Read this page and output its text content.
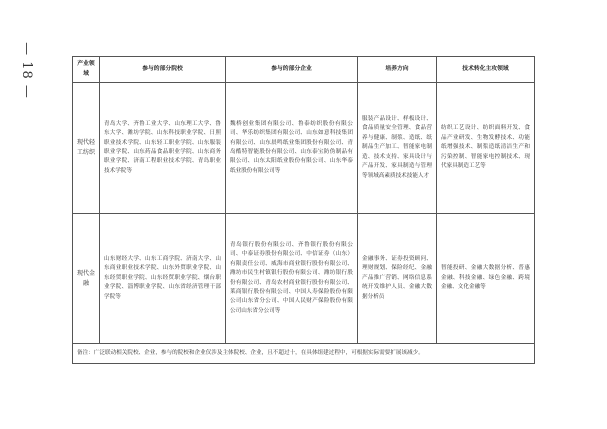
— 18 —	产业领域	参与的部分院校	参与的部分企业	培养方向	技术转化主攻领域
现代轻工纺织	青岛大学、齐鲁工业大学、山东理工大学、鲁东大学、潍坊学院、山东科技职业学院、日照职业技术学院、山东轻工职业学院、山东服装职业学院、山东药品食品职业学院、山东商务职业学院、济南工程职业技术学院、青岛职业技术学院等	魏桥创业集团有限公司、鲁泰纺织股份有限公司、华乐纺织集团有限公司、山东如意科技集团有限公司、山东晨鸣纸业集团股份有限公司、青岛酷特智能股份有限公司、山东泰宝防伪制品有限公司、山东太阳纸业股份有限公司、山东华泰纸业股份有限公司等	服装产品设计、样板设计、食品质量安全管理、食品营养与健康、制浆、造纸、纸制品生产加工、智能家电制造、技术支持、家具设计与产品开发、家具制造与管理等领域高素质技术技能人才	纺织工艺设计、纺织面料开发、食品产业研发、生物发酵技术、功能纸增强技术、制浆造纸清洁生产和污染控制、智能家电控制技术、现代家具制造工艺等
现代金融	山东财经大学、山东工商学院、济南大学、山东商业职业技术学院、山东外贸职业学院、山东经贸职业学院、山东经贸职业学院、烟台职业学院、淄博职业学院、山东省经济管理干部学院等	青岛银行股份有限公司、齐鲁银行股份有限公司、中泰证券股份有限公司、中信证券（山东）有限责任公司、威海市商业银行股份有限公司、潍坊市民生村镇银行股份有限公司、潍坊银行股份有限公司、青岛农村商业银行股份有限公司、莱商银行股份有限公司、中国人寿保险股份有限公司山东省分公司、中国人民财产保险股份有限公司山东省分公司等	金融事务、证券投资顾问、理财规划、保险经纪、金融产品推广营销、网络信息系统开发维护人员、金融大数据分析员	智能投研、金融大数据分析、普惠金融、科技金融、绿色金融、跨境金融、文化金融等
备注：广泛联动相关院校、企业，参与的院校和企业仅涉及主体院校、企业，且不超过十，在具体组建过程中，可根据实际需要扩展该减少。				
